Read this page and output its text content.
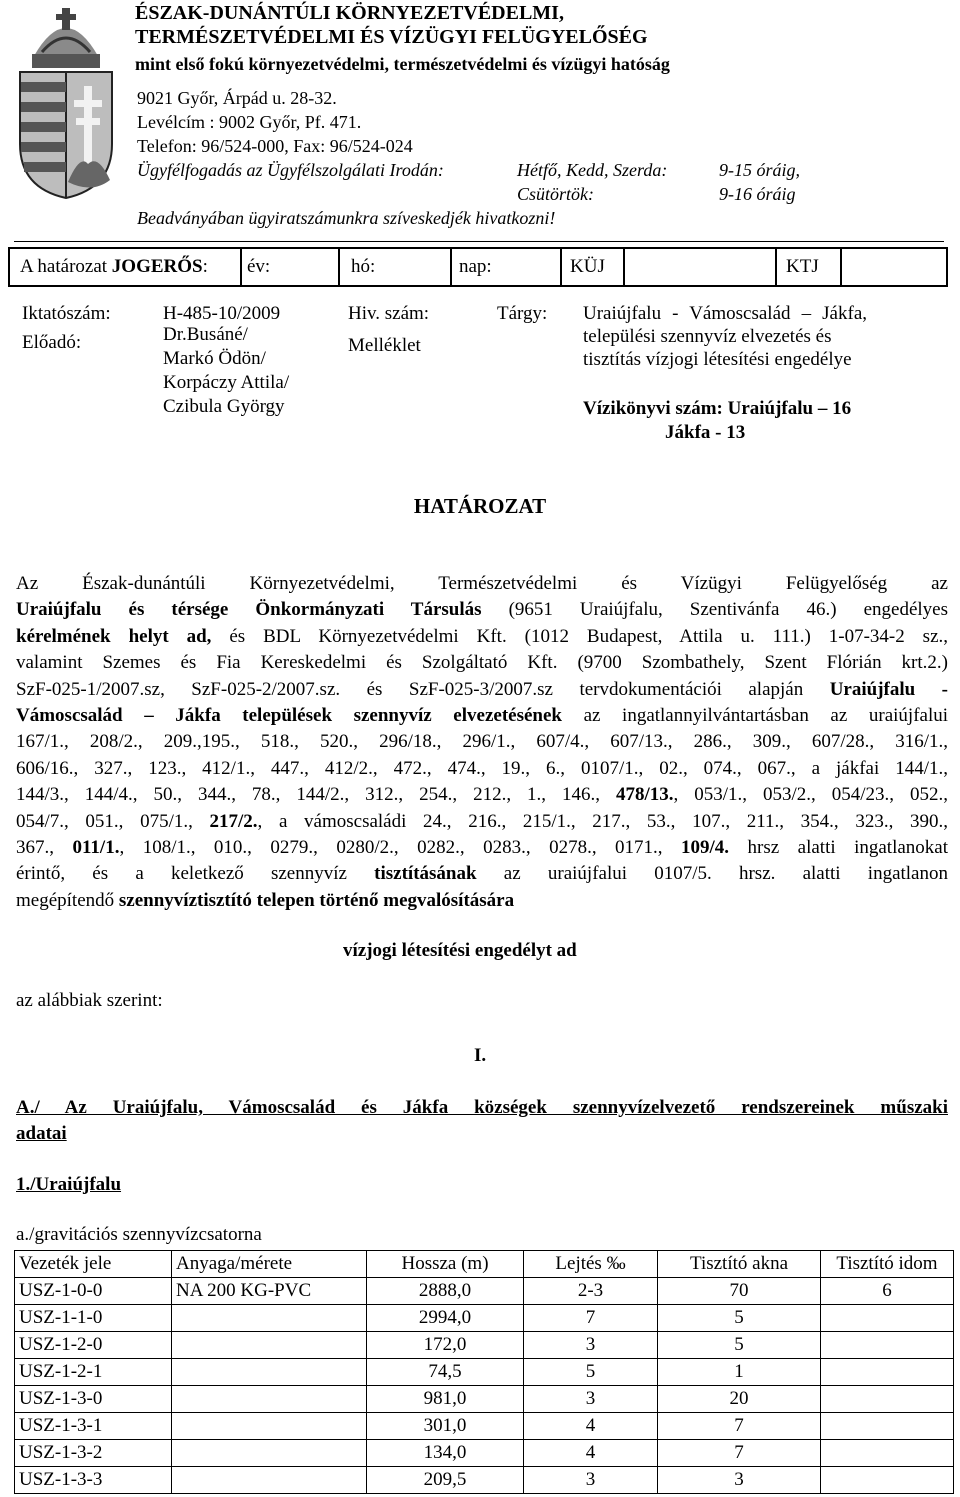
ÉSZAK-DUNÁNTÚLI KÖRNYEZETVÉDELMI,
TERMÉSZETVÉDELMI ÉS VÍZÜGYI FELÜGYELŐSÉG
mint első fokú környezetvédelmi, természetvédelmi és vízügyi hatóság
9021 Győr, Árpád u. 28-32.
Levélcím : 9002 Győr, Pf. 471.
Telefon: 96/524-000, Fax: 96/524-024
Ügyfélfogadás az Ügyfélszolgálati Irodán:	Hétfő, Kedd, Szerda:	9-15 óráig,
Csütörtök:	9-16 óráig
Beadványában ügyiratszámunkra szíveskedjék hivatkozni!
A határozat JOGERŐS: év:	hó:	nap:	KÜJ	KTJ
Iktatószám:	H-485-10/2009
Előadó:	Dr.Busáné/
Markó Ödön/
Korpáczy Attila/
Czibula György
Hiv. szám:
Melléklet
Tárgy: Uraiújfalu - Vámoscsalád – Jákfa,
települési szennyvíz elvezetés és
tisztítás vízjogi létesítési engedélye
Vízikönyvi szám: Uraiújfalu – 16
Jákfa - 13
HATÁROZAT
Az Észak-dunántúli Környezetvédelmi, Természetvédelmi és Vízügyi Felügyelőség az
Uraiújfalu és térsége Önkormányzati Társulás (9651 Uraiújfalu, Szentivánfa 46.) engedélyes
kérelmének helyt ad, és BDL Környezetvédelmi Kft. (1012 Budapest, Attila u. 111.) 1-07-34-2 sz.,
valamint Szemes és Fia Kereskedelmi és Szolgáltató Kft. (9700 Szombathely, Szent Flórián krt.2.)
SzF-025-1/2007.sz, SzF-025-2/2007.sz. és SzF-025-3/2007.sz tervdokumentációi alapján Uraiújfalu -
Vámoscsalád – Jákfa települések szennyvíz elvezetésének az ingatlannyilvántartásban az uraiújfalui
167/1., 208/2., 209.,195., 518., 520., 296/18., 296/1., 607/4., 607/13., 286., 309., 607/28., 316/1.,
606/16., 327., 123., 412/1., 447., 412/2., 472., 474., 19., 6., 0107/1., 02., 074., 067., a jákfai 144/1.,
144/3., 144/4., 50., 344., 78., 144/2., 312., 254., 212., 1., 146., 478/13., 053/1., 053/2., 054/23., 052.,
054/7., 051., 075/1., 217/2., a vámoscsaládi 24., 216., 215/1., 217., 53., 107., 211., 354., 323., 390.,
367., 011/1., 108/1., 010., 0279., 0280/2., 0282., 0283., 0278., 0171., 109/4. hrsz alatti ingatlanokat
érintő, és a keletkező szennyvíz tisztításának az uraiújfalui 0107/5. hrsz. alatti ingatlanon
megépítendő szennyvíztisztító telepen történő megvalósítására
vízjogi létesítési engedélyt ad
az alábbiak szerint:
I.
A./ Az Uraiújfalu, Vámoscsalád és Jákfa községek szennyvízelvezető rendszereinek műszaki
adatai
1./Uraiújfalu
a./gravitációs szennyvízcsatorna
Vezeték jele	Anyaga/mérete	Hossza (m)	Lejtés ‰	Tisztító akna	Tisztító idom
USZ-1-0-0	NA 200 KG-PVC	2888,0	2-3	70	6
USZ-1-1-0		2994,0	7	5	
USZ-1-2-0		172,0	3	5	
USZ-1-2-1		74,5	5	1	
USZ-1-3-0		981,0	3	20	
USZ-1-3-1		301,0	4	7	
USZ-1-3-2		134,0	4	7	
USZ-1-3-3		209,5	3	3	
